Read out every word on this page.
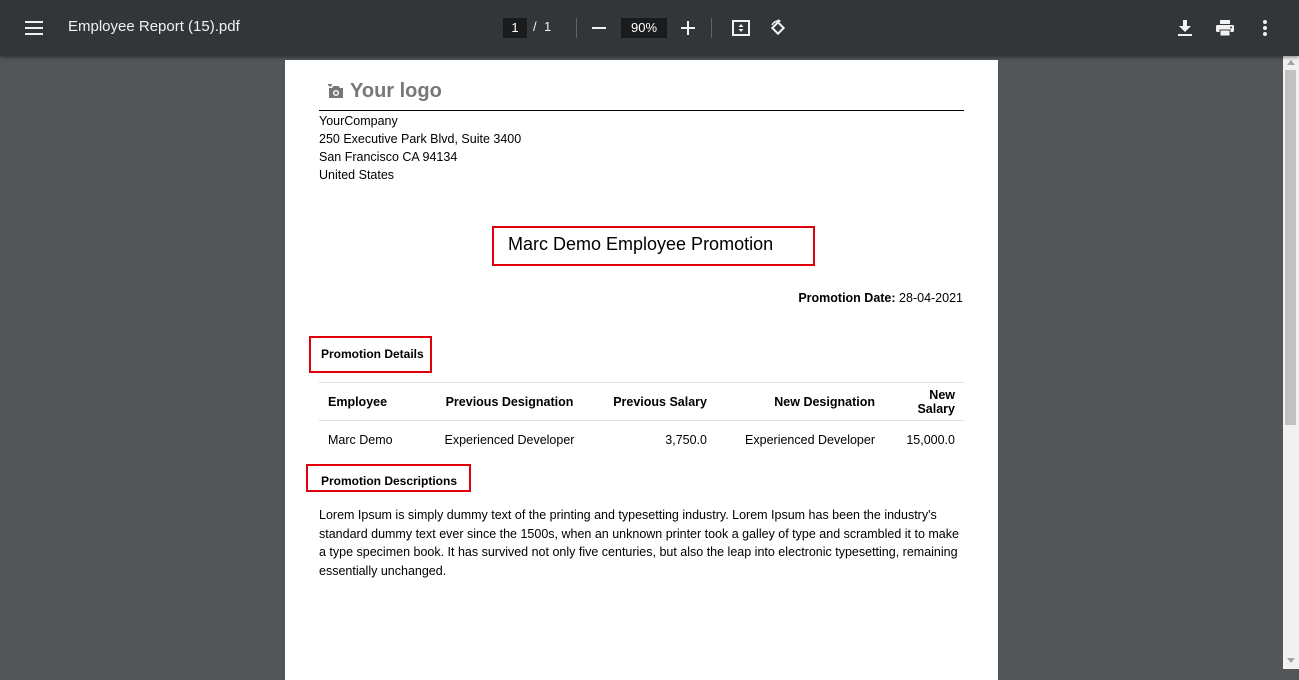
Employee Report (15).pdf	1	/ 1	90%
Your logo
YourCompany
250 Executive Park Blvd, Suite 3400
San Francisco CA 94134
United States
Marc Demo Employee Promotion
Promotion Date: 28-04-2021
Promotion Details
Employee	Previous Designation	Previous Salary	New Designation	New Salary
Marc Demo	Experienced Developer	3,750.0	Experienced Developer	15,000.0
Promotion Descriptions
Lorem Ipsum is simply dummy text of the printing and typesetting industry. Lorem Ipsum has been the industry's standard dummy text ever since the 1500s, when an unknown printer took a galley of type and scrambled it to make a type specimen book. It has survived not only five centuries, but also the leap into electronic typesetting, remaining essentially unchanged.
